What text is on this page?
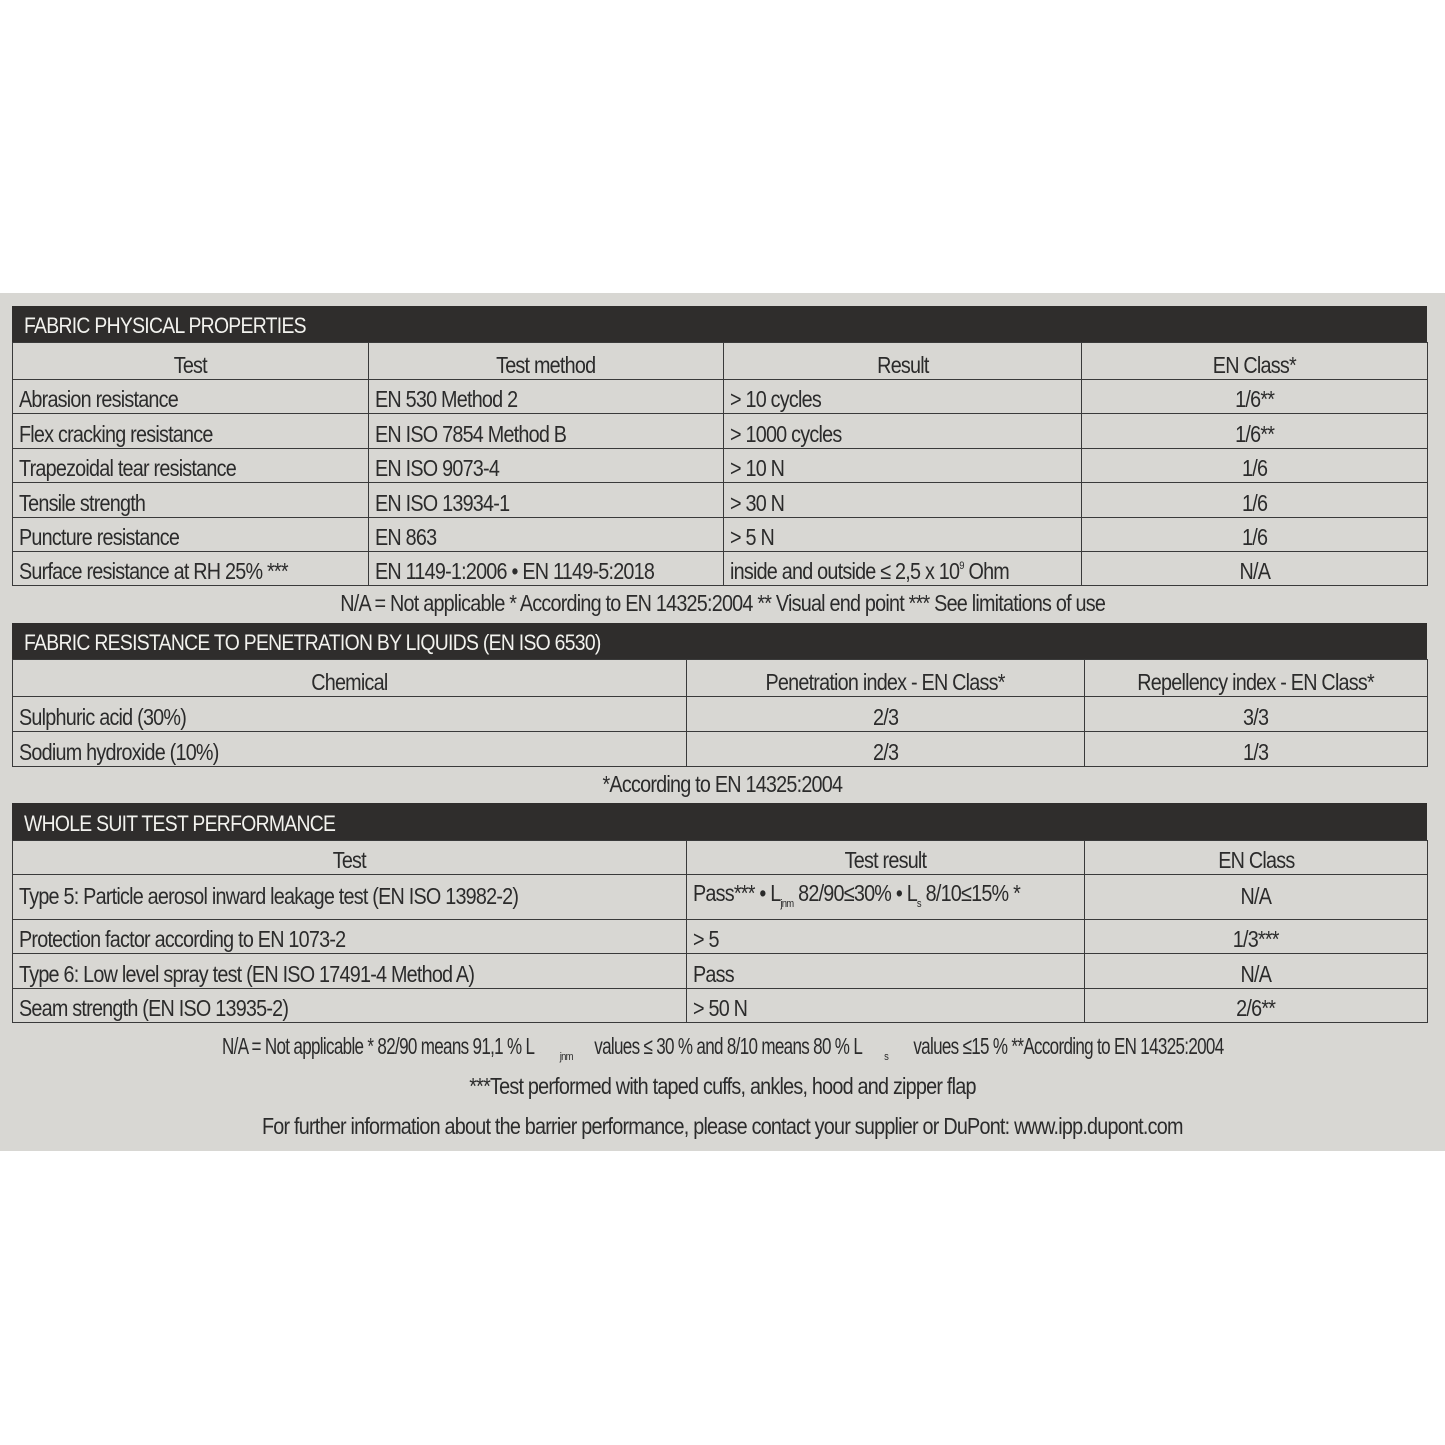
FABRIC PHYSICAL PROPERTIES
Test	Test method	Result	EN Class*
Abrasion resistance	EN 530 Method 2	> 10 cycles	1/6**
Flex cracking resistance	EN ISO 7854 Method B	> 1000 cycles	1/6**
Trapezoidal tear resistance	EN ISO 9073-4	> 10 N	1/6
Tensile strength	EN ISO 13934-1	> 30 N	1/6
Puncture resistance	EN 863	> 5 N	1/6
Surface resistance at RH 25% ***	EN 1149-1:2006 • EN 1149-5:2018	inside and outside ≤ 2,5 x $10^9$ Ohm	N/A
N/A = Not applicable * According to EN 14325:2004 ** Visual end point *** See limitations of use
FABRIC RESISTANCE TO PENETRATION BY LIQUIDS (EN ISO 6530)
Chemical	Penetration index - EN Class*	Repellency index - EN Class*
Sulphuric acid (30%)	2/3	3/3
Sodium hydroxide (10%)	2/3	1/3
*According to EN 14325:2004
WHOLE SUIT TEST PERFORMANCE
Test	Test result	EN Class
Type 5: Particle aerosol inward leakage test (EN ISO 13982-2)	Pass*** • $L_{jnm}$ 82/90≤30% • $L_s$ 8/10≤15% *	N/A
Protection factor according to EN 1073-2	> 5	1/3***
Type 6: Low level spray test (EN ISO 17491-4 Method A)	Pass	N/A
Seam strength (EN ISO 13935-2)	> 50 N	2/6**
N/A = Not applicable * 82/90 means 91,1 % L $_{jnm}$values ≤ 30 % and 8/10 means 80 % L $_s$values ≤15 % **According to EN 14325:2004
***Test performed with taped cuffs, ankles, hood and zipper flap
For further information about the barrier performance, please contact your supplier or DuPont: www.ipp.dupont.com
